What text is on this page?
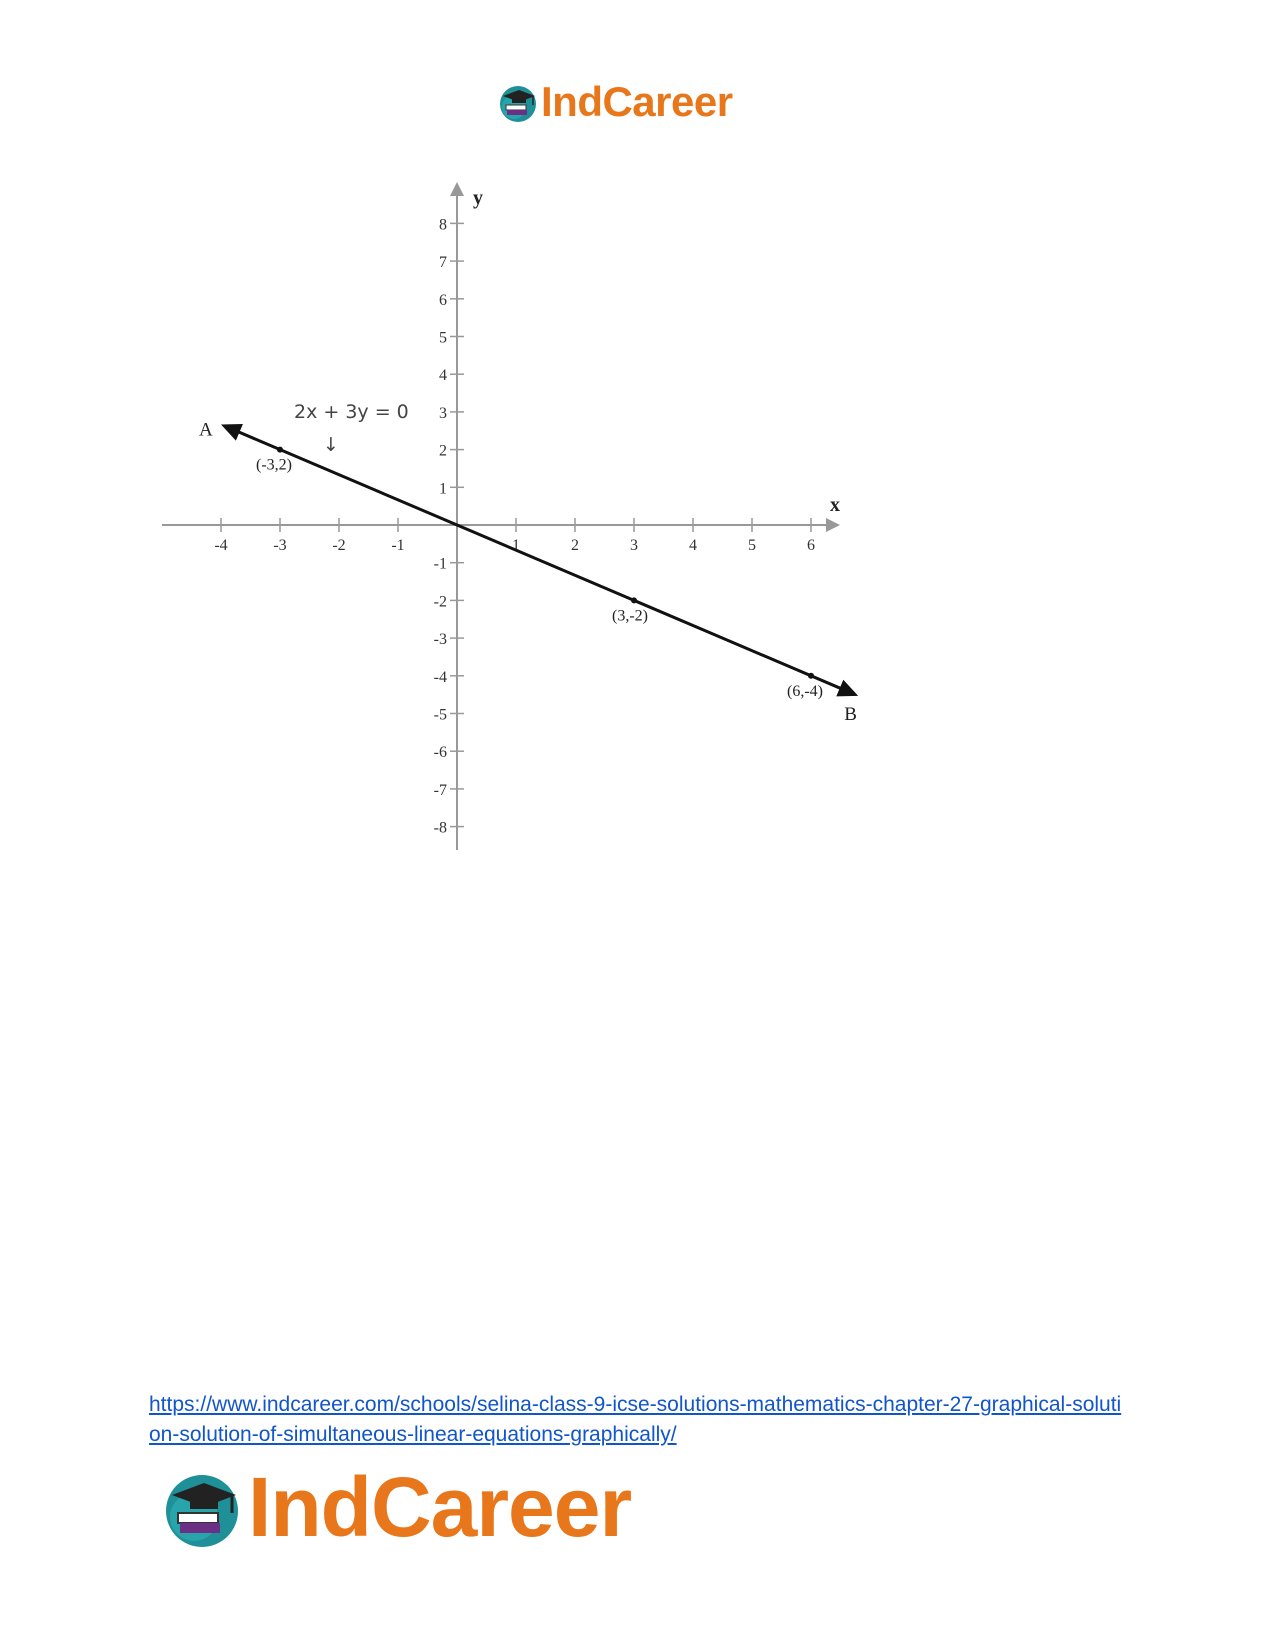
IndCareer
x
y
-4	-3	-2	-1	1	2	3	4	5	6
8
7
6
5
4
3
2
1
-1
-2
-3
-4
-5
-6
-7
-8
A
B
(-3,2)
(3,-2)
(6,-4)
2x + 3y = 0
↓
https://www.indcareer.com/schools/selina-class-9-icse-solutions-mathematics-chapter-27-graphical-solution-solution-of-simultaneous-linear-equations-graphically/
IndCareer
